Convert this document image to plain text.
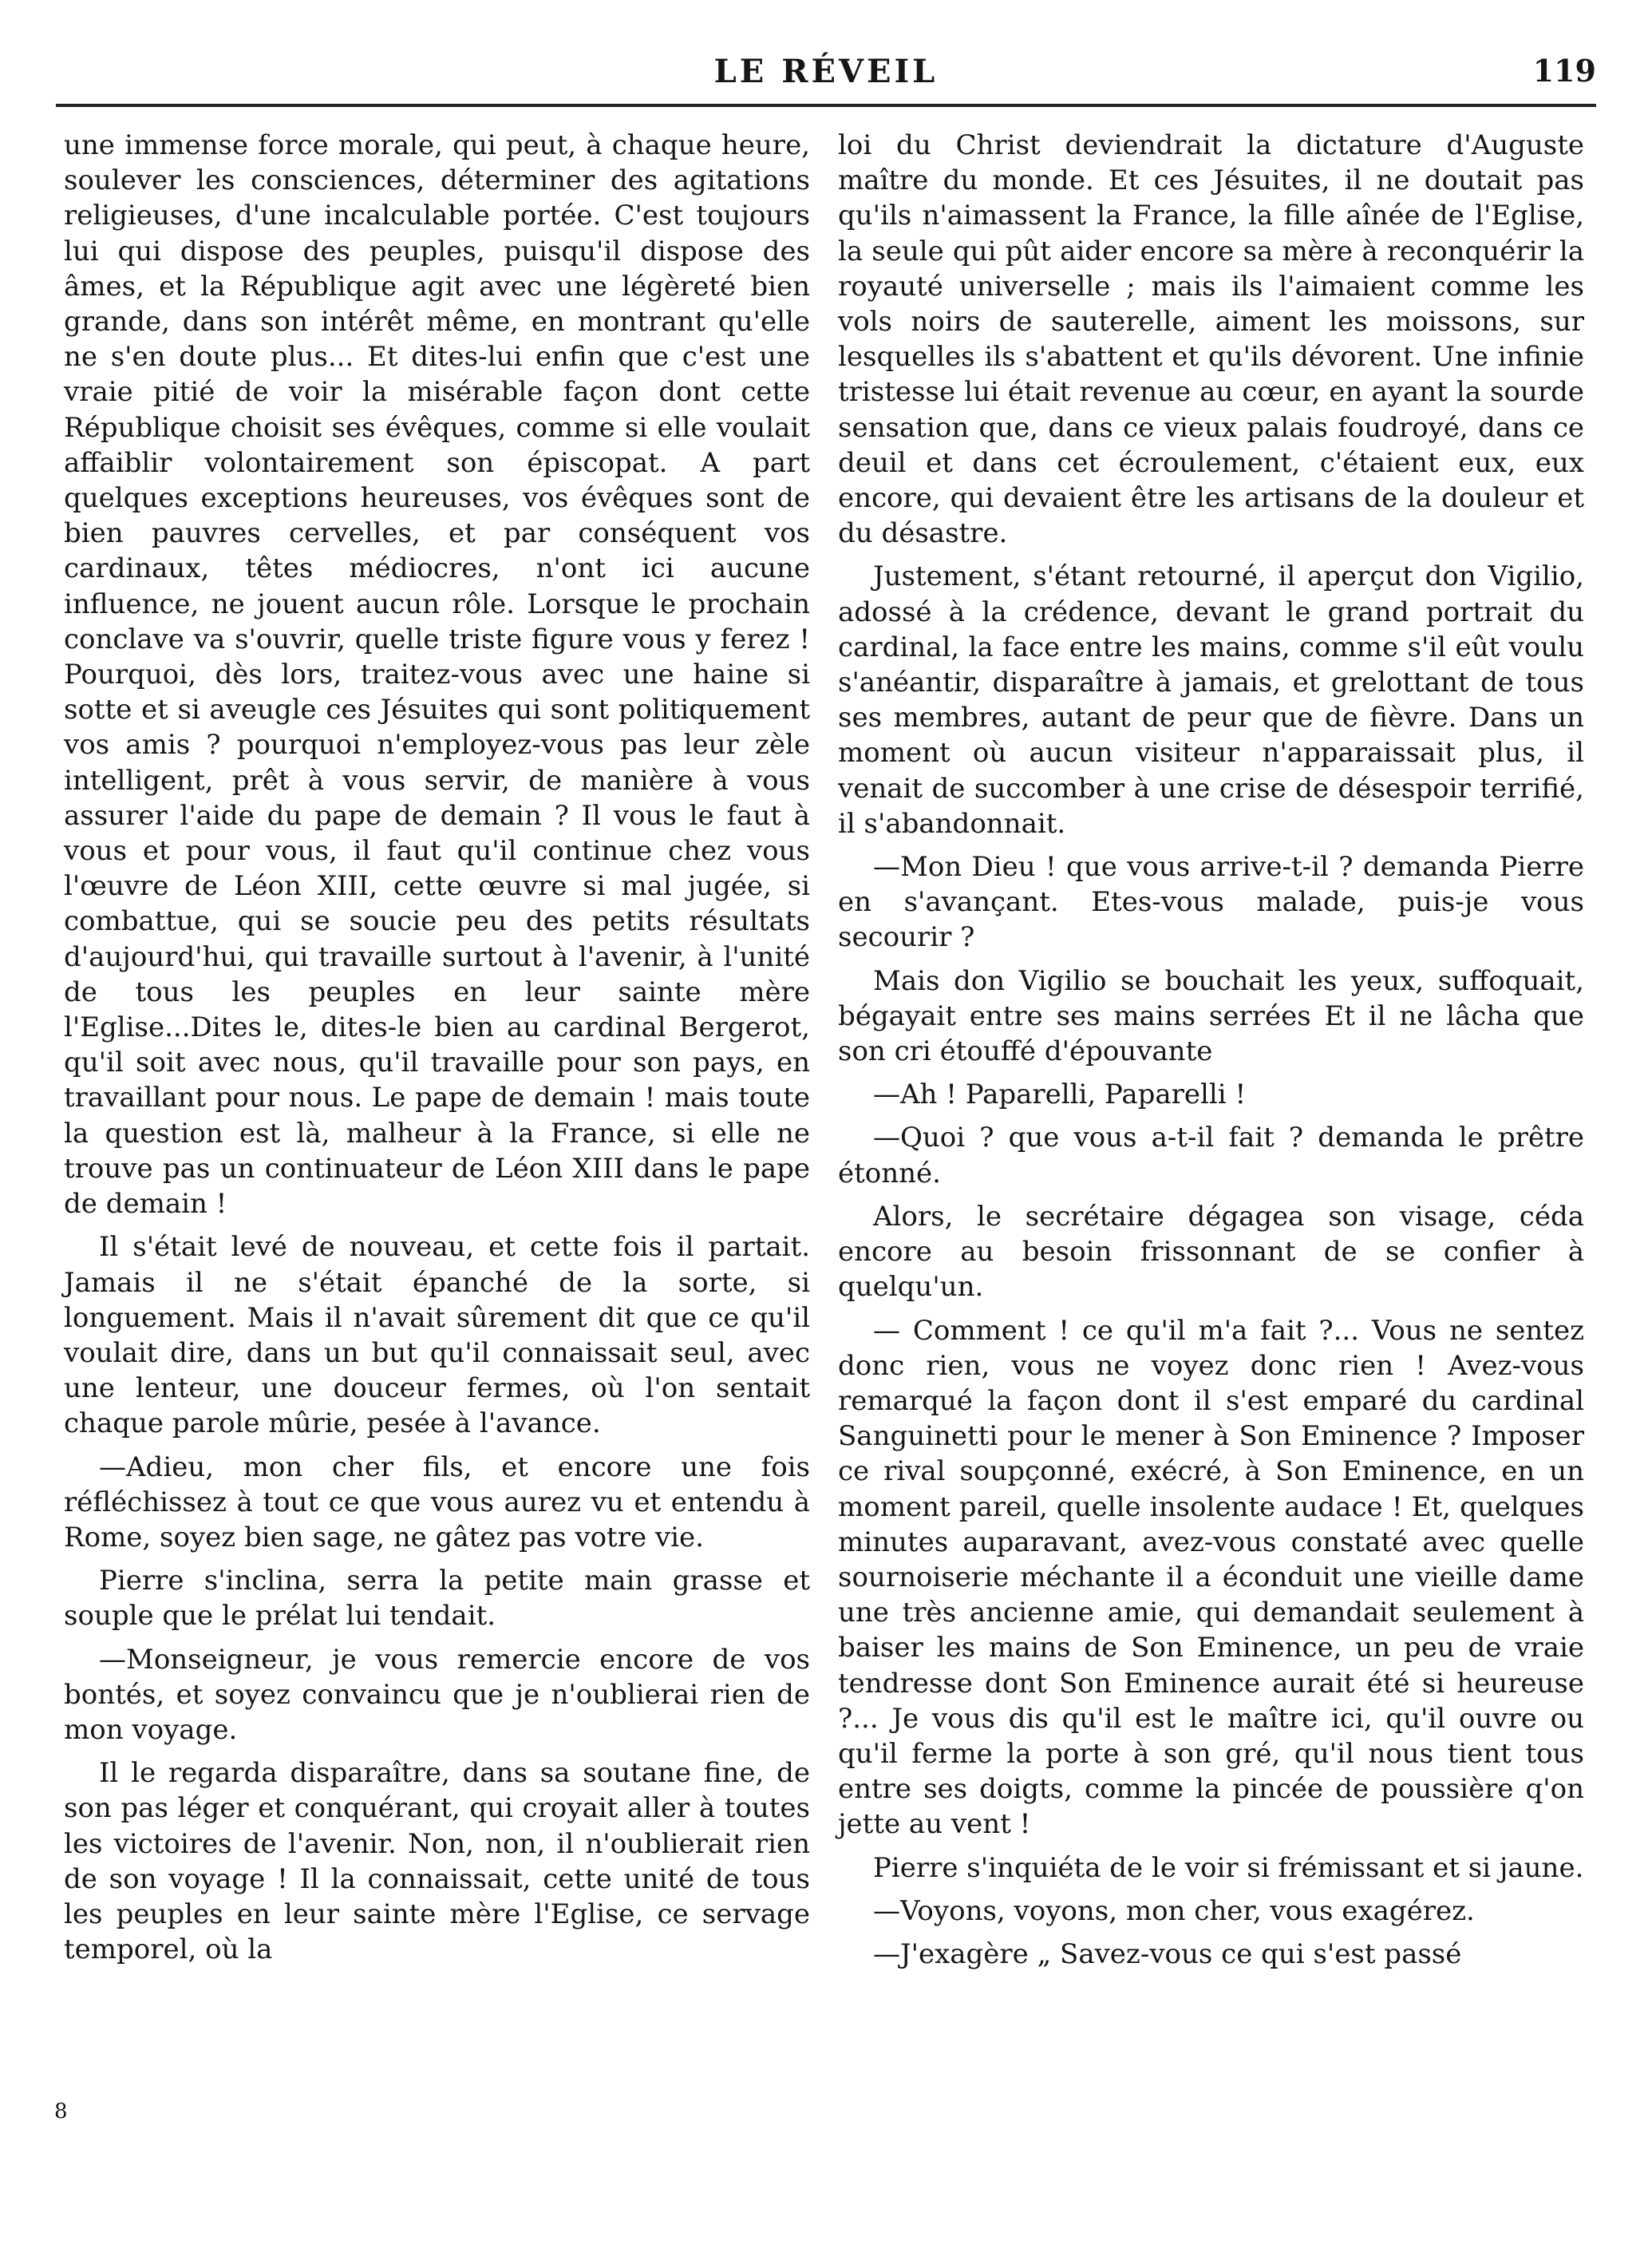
LE RÉVEIL	119

une immense force morale, qui peut, à chaque heure, soulever les consciences, déterminer des agitations religieuses, d'une incalculable portée. C'est toujours lui qui dispose des peuples, puisqu'il dispose des âmes, et la République agit avec une légèreté bien grande, dans son intérêt même, en montrant qu'elle ne s'en doute plus... Et dites-lui enfin que c'est une vraie pitié de voir la misérable façon dont cette République choisit ses évêques, comme si elle voulait affaiblir volontairement son épiscopat. A part quelques exceptions heureuses, vos évêques sont de bien pauvres cervelles, et par conséquent vos cardinaux, têtes médiocres, n'ont ici aucune influence, ne jouent aucun rôle. Lorsque le prochain conclave va s'ouvrir, quelle triste figure vous y ferez ! Pourquoi, dès lors, traitez-vous avec une haine si sotte et si aveugle ces Jésuites qui sont politiquement vos amis ? pourquoi n'employez-vous pas leur zèle intelligent, prêt à vous servir, de manière à vous assurer l'aide du pape de demain ? Il vous le faut à vous et pour vous, il faut qu'il continue chez vous l'œuvre de Léon XIII, cette œuvre si mal jugée, si combattue, qui se soucie peu des petits résultats d'aujourd'hui, qui travaille surtout à l'avenir, à l'unité de tous les peuples en leur sainte mère l'Eglise...Dites le, dites-le bien au cardinal Bergerot, qu'il soit avec nous, qu'il travaille pour son pays, en travaillant pour nous. Le pape de demain ! mais toute la question est là, malheur à la France, si elle ne trouve pas un continuateur de Léon XIII dans le pape de demain !

Il s'était levé de nouveau, et cette fois il partait. Jamais il ne s'était épanché de la sorte, si longuement. Mais il n'avait sûrement dit que ce qu'il voulait dire, dans un but qu'il connaissait seul, avec une lenteur, une douceur fermes, où l'on sentait chaque parole mûrie, pesée à l'avance.

—Adieu, mon cher fils, et encore une fois réfléchissez à tout ce que vous aurez vu et entendu à Rome, soyez bien sage, ne gâtez pas votre vie.

Pierre s'inclina, serra la petite main grasse et souple que le prélat lui tendait.

—Monseigneur, je vous remercie encore de vos bontés, et soyez convaincu que je n'oublierai rien de mon voyage.

Il le regarda disparaître, dans sa soutane fine, de son pas léger et conquérant, qui croyait aller à toutes les victoires de l'avenir. Non, non, il n'oublierait rien de son voyage ! Il la connaissait, cette unité de tous les peuples en leur sainte mère l'Eglise, ce servage temporel, où la

loi du Christ deviendrait la dictature d'Auguste maître du monde. Et ces Jésuites, il ne doutait pas qu'ils n'aimassent la France, la fille aînée de l'Eglise, la seule qui pût aider encore sa mère à reconquérir la royauté universelle ; mais ils l'aimaient comme les vols noirs de sauterelle, aiment les moissons, sur lesquelles ils s'abattent et qu'ils dévorent. Une infinie tristesse lui était revenue au cœur, en ayant la sourde sensation que, dans ce vieux palais foudroyé, dans ce deuil et dans cet écroulement, c'étaient eux, eux encore, qui devaient être les artisans de la douleur et du désastre.

Justement, s'étant retourné, il aperçut don Vigilio, adossé à la crédence, devant le grand portrait du cardinal, la face entre les mains, comme s'il eût voulu s'anéantir, disparaître à jamais, et grelottant de tous ses membres, autant de peur que de fièvre. Dans un moment où aucun visiteur n'apparaissait plus, il venait de succomber à une crise de désespoir terrifié, il s'abandonnait.

—Mon Dieu ! que vous arrive-t-il ? demanda Pierre en s'avançant. Etes-vous malade, puis-je vous secourir ?

Mais don Vigilio se bouchait les yeux, suffoquait, bégayait entre ses mains serrées Et il ne lâcha que son cri étouffé d'épouvante

—Ah ! Paparelli, Paparelli !

—Quoi ? que vous a-t-il fait ? demanda le prêtre étonné.

Alors, le secrétaire dégagea son visage, céda encore au besoin frissonnant de se confier à quelqu'un.

— Comment ! ce qu'il m'a fait ?... Vous ne sentez donc rien, vous ne voyez donc rien ! Avez-vous remarqué la façon dont il s'est emparé du cardinal Sanguinetti pour le mener à Son Eminence ? Imposer ce rival soupçonné, exécré, à Son Eminence, en un moment pareil, quelle insolente audace ! Et, quelques minutes auparavant, avez-vous constaté avec quelle sournoiserie méchante il a éconduit une vieille dame une très ancienne amie, qui demandait seulement à baiser les mains de Son Eminence, un peu de vraie tendresse dont Son Eminence aurait été si heureuse ?... Je vous dis qu'il est le maître ici, qu'il ouvre ou qu'il ferme la porte à son gré, qu'il nous tient tous entre ses doigts, comme la pincée de poussière q'on jette au vent !

Pierre s'inquiéta de le voir si frémissant et si jaune.

—Voyons, voyons, mon cher, vous exagérez.

—J'exagère „ Savez-vous ce qui s'est passé

8
